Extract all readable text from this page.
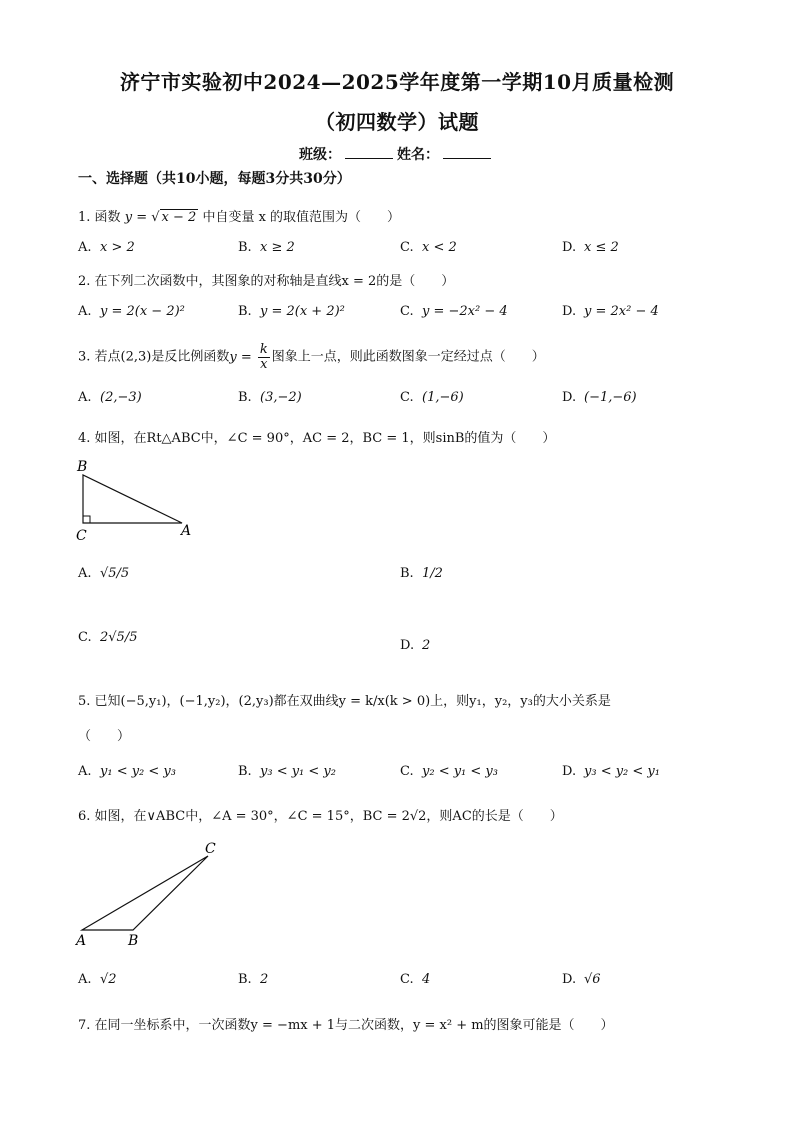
济宁市实验初中2024—2025学年度第一学期10月质量检测
（初四数学）试题
班级：	姓名：
一、选择题（共10小题，每题3分共30分）
1. 函数 y = √ x − 2 中自变量 x 的取值范围为（　　）
A. x > 2	B. x ≥ 2	C. x < 2	D. x ≤ 2
2. 在下列二次函数中，其图象的对称轴是直线x = 2的是（　　）
A. y = 2(x − 2)²	B. y = 2(x + 2)²	C. y = −2x² − 4	D. y = 2x² − 4
3. 若点(2,3)是反比例函数$y = \frac{k}{x}$ 图象上一点，则此函数图象一定经过点（　　）
A. (2,−3)	B. (3,−2)	C. (1,−6)	D. (−1,−6)
4. 如图，在Rt△ABC中，∠C = 90°，AC = 2，BC = 1，则sinB的值为（　　）
B
C	A
A. √5/5	B. 1/2
C. 2√5/5
D. 2
5. 已知(−5,y₁)，(−1,y₂)，(2,y₃)都在双曲线y = k/x(k > 0)上，则y₁，y₂，y₃的大小关系是
（　　）
A. y₁ < y₂ < y₃	B. y₃ < y₁ < y₂	C. y₂ < y₁ < y₃	D. y₃ < y₂ < y₁
6. 如图，在∨ABC中，∠A = 30°，∠C = 15°，BC = 2√2，则AC的长是（　　）
C
A	B
A. √2	B. 2	C. 4	D. √6
7. 在同一坐标系中，一次函数y = −mx + 1与二次函数，y = x² + m的图象可能是（　　）
